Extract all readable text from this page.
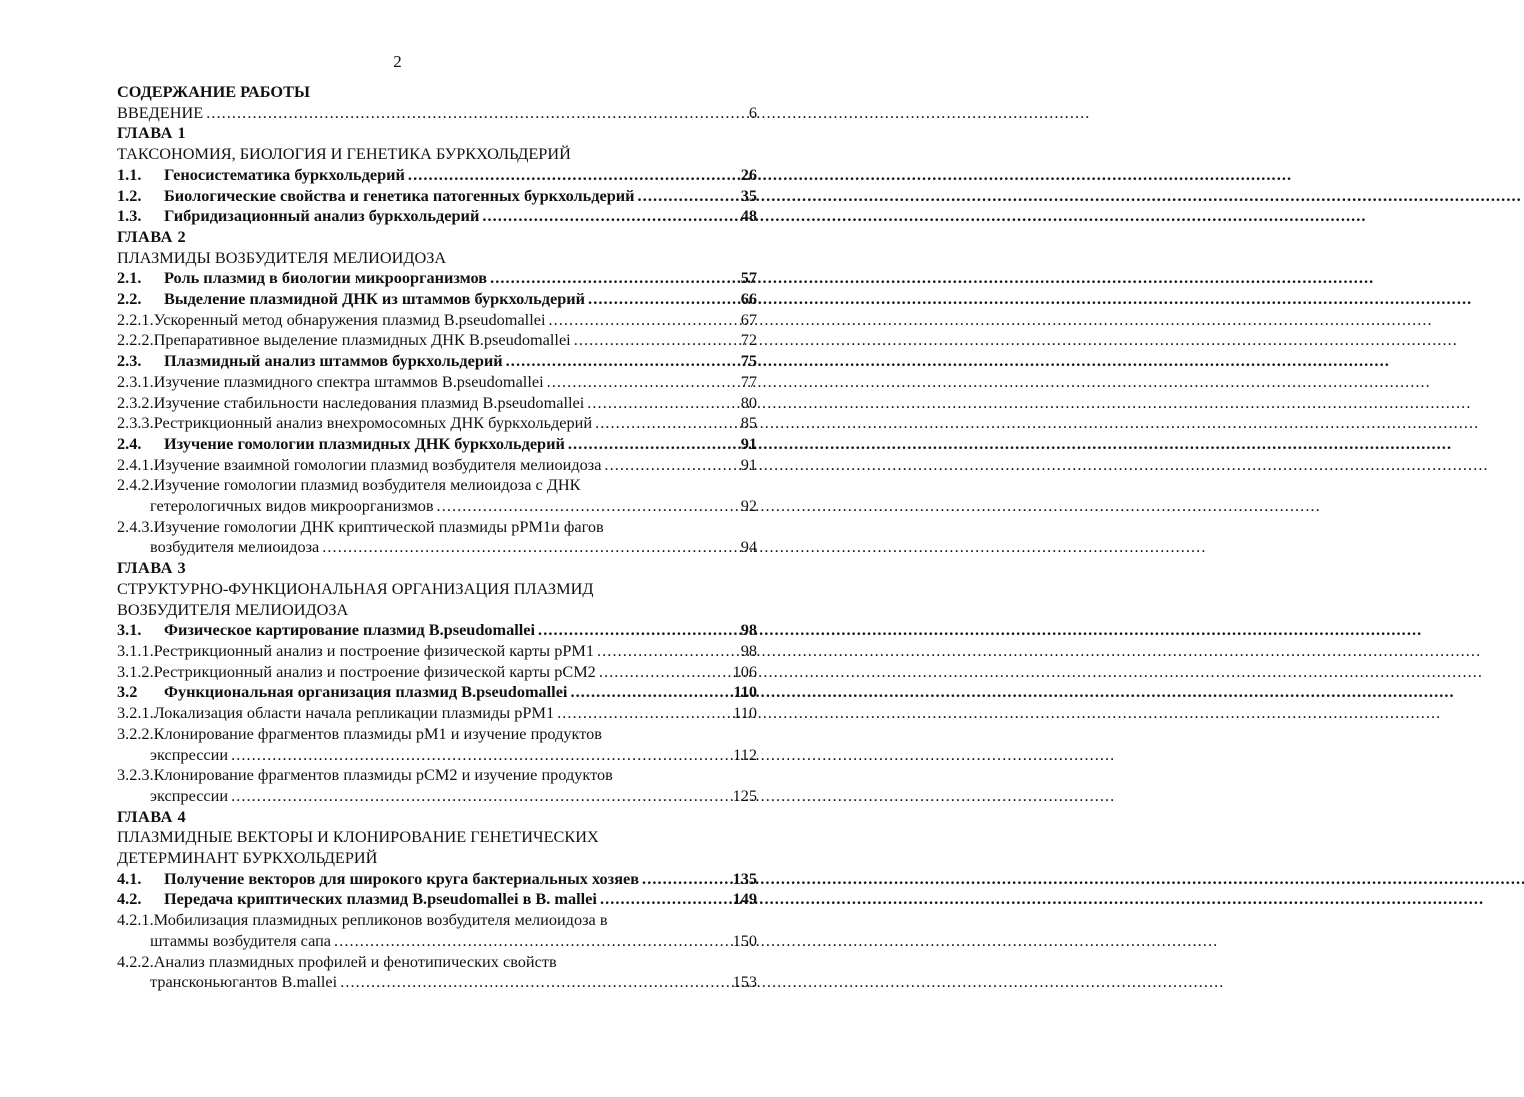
2
СОДЕРЖАНИЕ РАБОТЫ
ВВЕДЕНИЕ . . .	6
ГЛАВА 1
ТАКСОНОМИЯ, БИОЛОГИЯ И ГЕНЕТИКА БУРКХОЛЬДЕРИЙ
1.1.	Геносистематика буркхольдерий . . .	26
1.2.	Биологические свойства и генетика патогенных буркхольдерий . . .	35
1.3.	Гибридизационный анализ буркхольдерий . . .	48
ГЛАВА 2
ПЛАЗМИДЫ ВОЗБУДИТЕЛЯ МЕЛИОИДОЗА
2.1.	Роль плазмид в биологии микроорганизмов . . .	57
2.2.	Выделение плазмидной ДНК из штаммов буркхольдерий . . .	66
2.2.1. Ускоренный метод обнаружения плазмид B.pseudomallei . . .	67
2.2.2. Препаративное выделение плазмидных ДНК B.pseudomallei . . .	72
2.3.	Плазмидный анализ штаммов буркхольдерий . . .	75
2.3.1. Изучение плазмидного спектра штаммов B.pseudomallei . . .	77
2.3.2. Изучение стабильности наследования плазмид B.pseudomallei . . .	80
2.3.3. Рестрикционный анализ внехромосомных ДНК буркхольдерий . . .	85
2.4.	Изучение гомологии плазмидных ДНК буркхольдерий . . .	91
2.4.1. Изучение взаимной гомологии плазмид возбудителя мелиоидоза . . .	91
2.4.2. Изучение гомологии плазмид возбудителя мелиоидоза с ДНК
гетерологичных видов микроорганизмов . . .	92
2.4.3. Изучение гомологии ДНК криптической плазмиды pPM1и фагов
возбудителя мелиоидоза . . .	94
ГЛАВА 3
СТРУКТУРНО-ФУНКЦИОНАЛЬНАЯ ОРГАНИЗАЦИЯ ПЛАЗМИД
ВОЗБУДИТЕЛЯ МЕЛИОИДОЗА
3.1.	Физическое картирование плазмид B.pseudomallei . . .	98
3.1.1. Рестрикционный анализ и построение физической карты pPM1 . . .	98
3.1.2. Рестрикционный анализ и построение физической карты pCM2 . . .	106
3.2	Функциональная организация плазмид B.pseudomallei . . .	110
3.2.1. Локализация области начала репликации плазмиды pPM1 . . .	110
3.2.2. Клонирование фрагментов плазмиды pM1 и изучение продуктов
экспрессии . . .	112
3.2.3. Клонирование фрагментов плазмиды pCM2 и изучение продуктов
экспрессии . . .	125
ГЛАВА 4
ПЛАЗМИДНЫЕ ВЕКТОРЫ И КЛОНИРОВАНИЕ ГЕНЕТИЧЕСКИХ
ДЕТЕРМИНАНТ БУРКХОЛЬДЕРИЙ
4.1.	Получение векторов для широкого круга бактериальных хозяев . . .	135
4.2.	Передача криптических плазмид B.pseudomallei в B. mallei . . .	149
4.2.1. Мобилизация плазмидных репликонов возбудителя мелиоидоза в
штаммы возбудителя сапа . . .	150
4.2.2. Анализ плазмидных профилей и фенотипических свойств
трансконьюгантов B.mallei . . .	153
